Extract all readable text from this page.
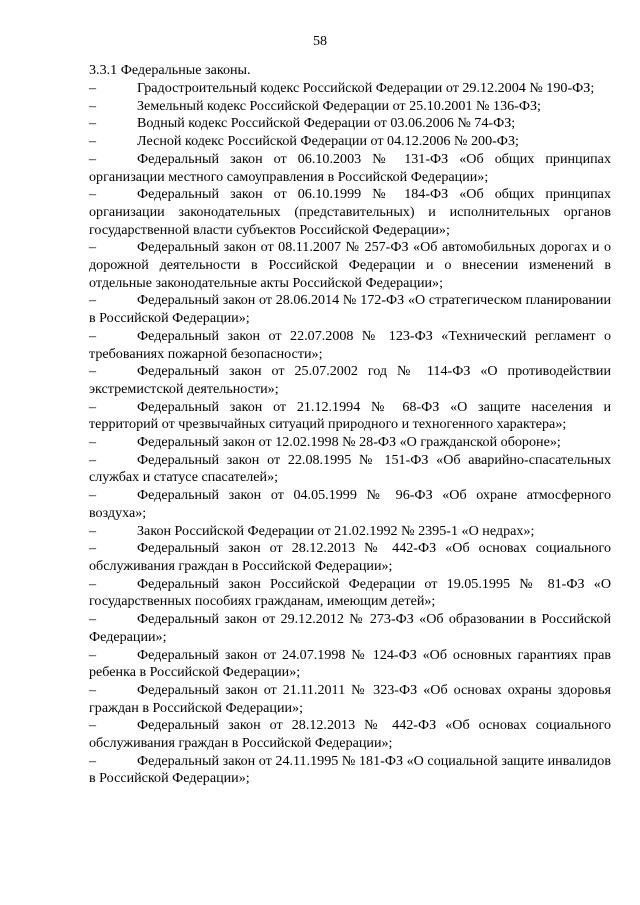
58
3.3.1 Федеральные законы.

–	Градостроительный кодекс Российской Федерации от 29.12.2004 № 190-ФЗ;

–	Земельный кодекс Российской Федерации от 25.10.2001 № 136-ФЗ;

–	Водный кодекс Российской Федерации от 03.06.2006 № 74-ФЗ;

–	Лесной кодекс Российской Федерации от 04.12.2006 № 200-ФЗ;

–	Федеральный закон от 06.10.2003 № 131-ФЗ «Об общих принципах организации местного самоуправления в Российской Федерации»;

–	Федеральный закон от 06.10.1999 № 184-ФЗ «Об общих принципах организации законодательных (представительных) и исполнительных органов государственной власти субъектов Российской Федерации»;

–	Федеральный закон от 08.11.2007 № 257-ФЗ «Об автомобильных дорогах и о дорожной деятельности в Российской Федерации и о внесении изменений в отдельные законодательные акты Российской Федерации»;

–	Федеральный закон от 28.06.2014 № 172-ФЗ «О стратегическом планировании в Российской Федерации»;

–	Федеральный закон от 22.07.2008 № 123-ФЗ «Технический регламент о требованиях пожарной безопасности»;

–	Федеральный закон от 25.07.2002 год № 114-ФЗ «О противодействии экстремистской деятельности»;

–	Федеральный закон от 21.12.1994 № 68-ФЗ «О защите населения и территорий от чрезвычайных ситуаций природного и техногенного характера»;

–	Федеральный закон от 12.02.1998 № 28-ФЗ «О гражданской обороне»;

–	Федеральный закон от 22.08.1995 № 151-ФЗ «Об аварийно-спасательных службах и статусе спасателей»;

–	Федеральный закон от 04.05.1999 № 96-ФЗ «Об охране атмосферного воздуха»;

–	Закон Российской Федерации от 21.02.1992 № 2395-1 «О недрах»;

–	Федеральный закон от 28.12.2013 № 442-ФЗ «Об основах социального обслуживания граждан в Российской Федерации»;

–	Федеральный закон Российской Федерации от 19.05.1995 № 81-ФЗ «О государственных пособиях гражданам, имеющим детей»;

–	Федеральный закон от 29.12.2012 № 273-ФЗ «Об образовании в Российской Федерации»;

–	Федеральный закон от 24.07.1998 № 124-ФЗ «Об основных гарантиях прав ребенка в Российской Федерации»;

–	Федеральный закон от 21.11.2011 № 323-ФЗ «Об основах охраны здоровья граждан в Российской Федерации»;

–	Федеральный закон от 28.12.2013 № 442-ФЗ «Об основах социального обслуживания граждан в Российской Федерации»;

–	Федеральный закон от 24.11.1995 № 181-ФЗ «О социальной защите инвалидов в Российской Федерации»;
